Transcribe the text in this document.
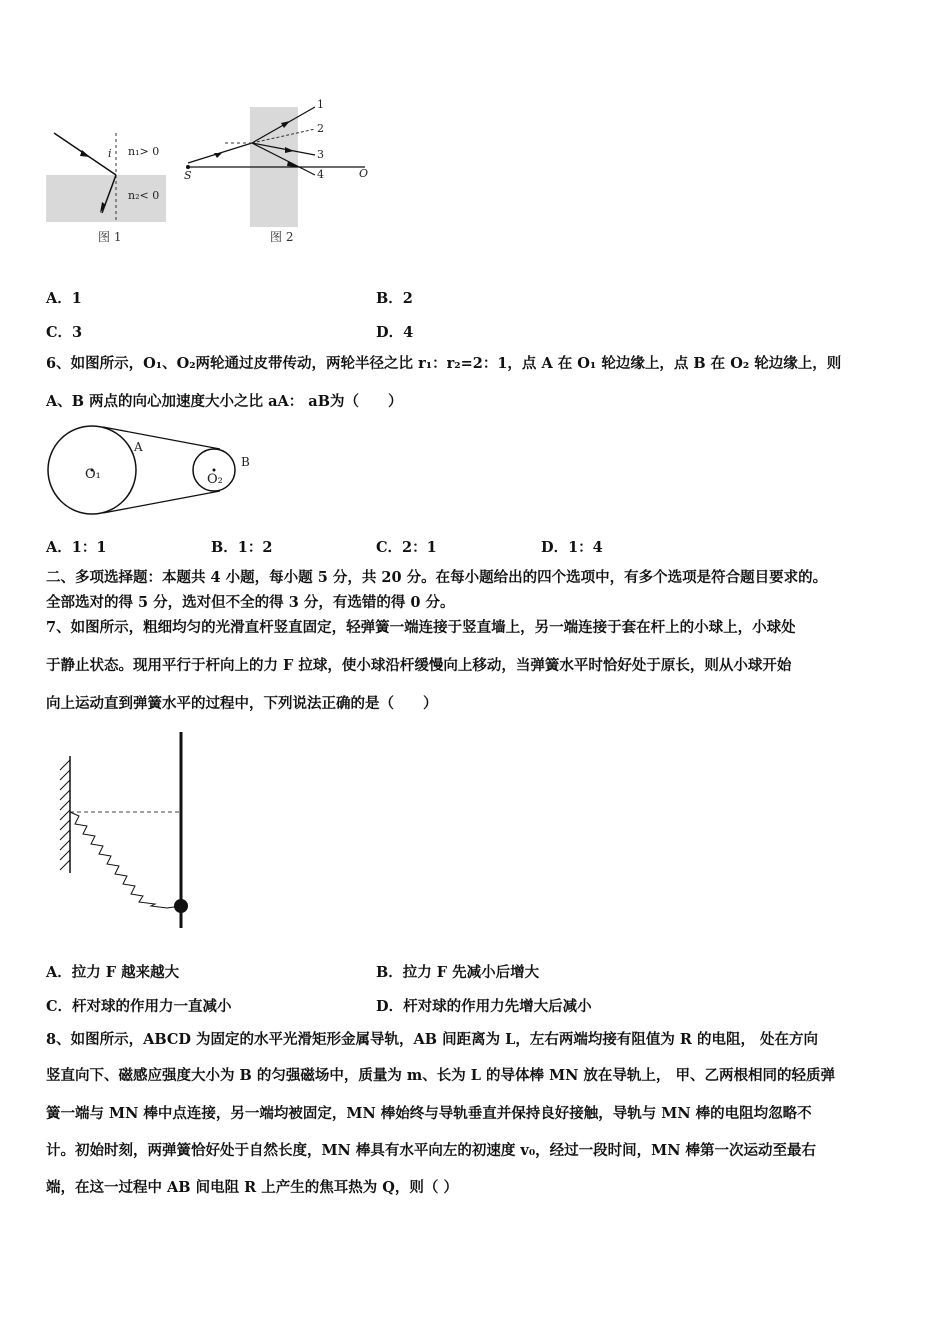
i n₁> 0
n₂< 0
图 1
1
2
3
4
S	O
图 2
A．1	B．2
C．3	D．4
6、如图所示，O₁、O₂两轮通过皮带传动，两轮半径之比 r₁：r₂=2：1，点 A 在 O₁ 轮边缘上，点 B 在 O₂ 轮边缘上，则
A、B 两点的向心加速度大小之比 aA： aB为（　　）
O₁	O₂
A
B
A．1：1	B．1：2	C．2：1	D．1：4
二、多项选择题：本题共 4 小题，每小题 5 分，共 20 分。在每小题给出的四个选项中，有多个选项是符合题目要求的。
全部选对的得 5 分，选对但不全的得 3 分，有选错的得 0 分。
7、如图所示，粗细均匀的光滑直杆竖直固定，轻弹簧一端连接于竖直墙上，另一端连接于套在杆上的小球上，小球处
于静止状态。现用平行于杆向上的力 F 拉球，使小球沿杆缓慢向上移动，当弹簧水平时恰好处于原长，则从小球开始
向上运动直到弹簧水平的过程中，下列说法正确的是（　　）
A．拉力 F 越来越大	B．拉力 F 先减小后增大
C．杆对球的作用力一直减小	D．杆对球的作用力先增大后减小
8、如图所示，ABCD 为固定的水平光滑矩形金属导轨，AB 间距离为 L，左右两端均接有阻值为 R 的电阻， 处在方向
竖直向下、磁感应强度大小为 B 的匀强磁场中，质量为 m、长为 L 的导体棒 MN 放在导轨上， 甲、乙两根相同的轻质弹
簧一端与 MN 棒中点连接，另一端均被固定，MN 棒始终与导轨垂直并保持良好接触，导轨与 MN 棒的电阻均忽略不
计。初始时刻，两弹簧恰好处于自然长度，MN 棒具有水平向左的初速度 v₀，经过一段时间，MN 棒第一次运动至最右
端，在这一过程中 AB 间电阻 R 上产生的焦耳热为 Q，则（ ）
